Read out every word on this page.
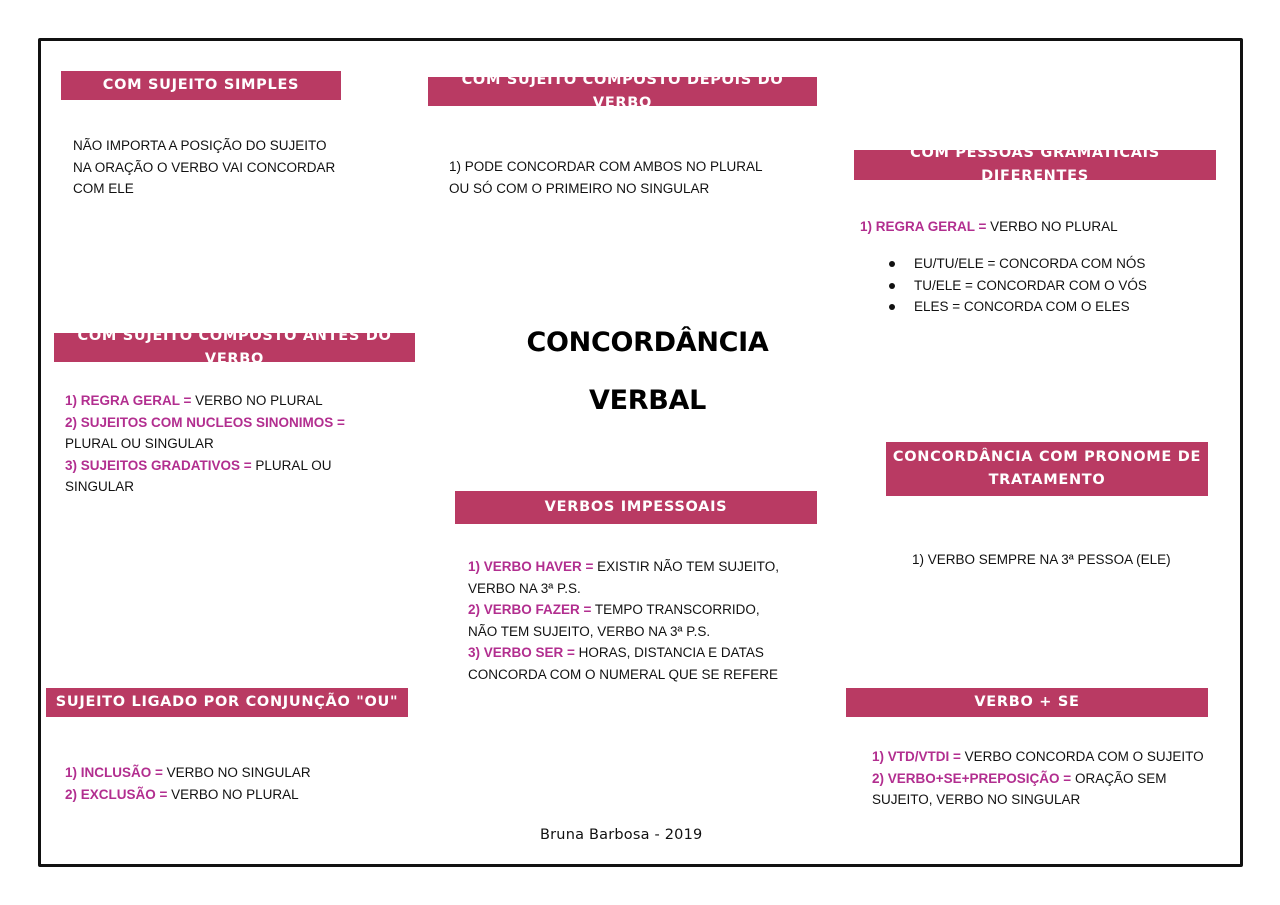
COM SUJEITO SIMPLES
NÃO IMPORTA A POSIÇÃO DO SUJEITO NA ORAÇÃO O VERBO VAI CONCORDAR COM ELE
COM SUJEITO COMPOSTO DEPOIS DO VERBO
1) PODE CONCORDAR COM AMBOS NO PLURAL OU SÓ COM O PRIMEIRO NO SINGULAR
COM PESSOAS GRAMATICAIS DIFERENTES
1) REGRA GERAL = VERBO NO PLURAL
EU/TU/ELE = CONCORDA COM NÓS
TU/ELE = CONCORDAR COM O VÓS
ELES = CONCORDA COM O ELES
COM SUJEITO COMPOSTO ANTES DO VERBO

1) REGRA GERAL = VERBO NO PLURAL

2) SUJEITOS COM NUCLEOS SINONIMOS = PLURAL OU SINGULAR

3) SUJEITOS GRADATIVOS = PLURAL OU SINGULAR

CONCORDÂNCIA
VERBAL
CONCORDÂNCIA COM PRONOME DE
TRATAMENTO
1) VERBO SEMPRE NA 3ª PESSOA (ELE)
VERBOS IMPESSOAIS

1) VERBO HAVER = EXISTIR NÃO TEM SUJEITO, VERBO NA 3ª P.S.

2) VERBO FAZER = TEMPO TRANSCORRIDO, NÃO TEM SUJEITO, VERBO NA 3ª P.S.

3) VERBO SER = HORAS, DISTANCIA E DATAS CONCORDA COM O NUMERAL QUE SE REFERE

SUJEITO LIGADO POR CONJUNÇÃO "OU"

1) INCLUSÃO = VERBO NO SINGULAR

2) EXCLUSÃO = VERBO NO PLURAL

VERBO + SE

1) VTD/VTDI = VERBO CONCORDA COM O SUJEITO

2) VERBO+SE+PREPOSIÇÃO = ORAÇÃO SEM SUJEITO, VERBO NO SINGULAR

Bruna Barbosa - 2019
